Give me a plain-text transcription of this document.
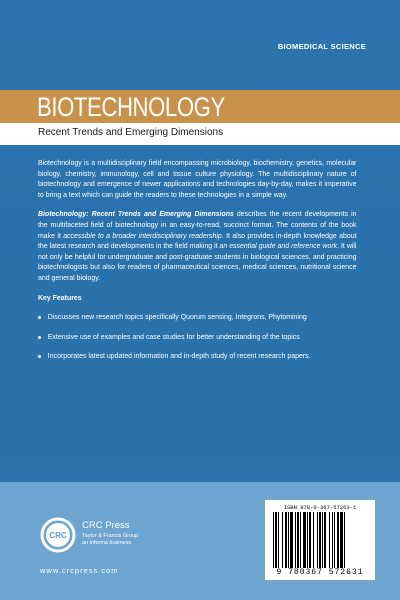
BIOMEDICAL SCIENCE
BIOTECHNOLOGY
Recent Trends and Emerging Dimensions

Biotechnology is a multidisciplinary field encompassing microbiology, biochemistry, genetics, molecular biology, chemistry, immunology, cell and tissue culture physiology. The multidisciplinary nature of biotechnology and emergence of newer applications and technologies day-by-day, makes it imperative to bring a text which can guide the readers to these technologies in a simple way.

Biotechnology: Recent Trends and Emerging Dimensions describes the recent developments in the multifaceted field of biotechnology in an easy-to-read, succinct format. The contents of the book make it accessible to a broader interdisciplinary readership. It also provides in-depth knowledge about the latest research and developments in the field making it an essential guide and reference work. It will not only be helpful for undergraduate and post-graduate students in biological sciences, and practicing biotechnologists but also for readers of pharmaceutical sciences, medical sciences, nutritional science and general biology.

Key Features
Discusses new research topics specifically Quorum sensing, Integrons, Phytomining
Extensive use of examples and case studies for better understanding of the topics
Incorporates latest updated information and in-depth study of recent research papers.
CRC
CRC Press
Taylor & Francis Group
an informa business
www.crcpress.com
ISBN 978-0-367-57263-1
9 780367 572631
